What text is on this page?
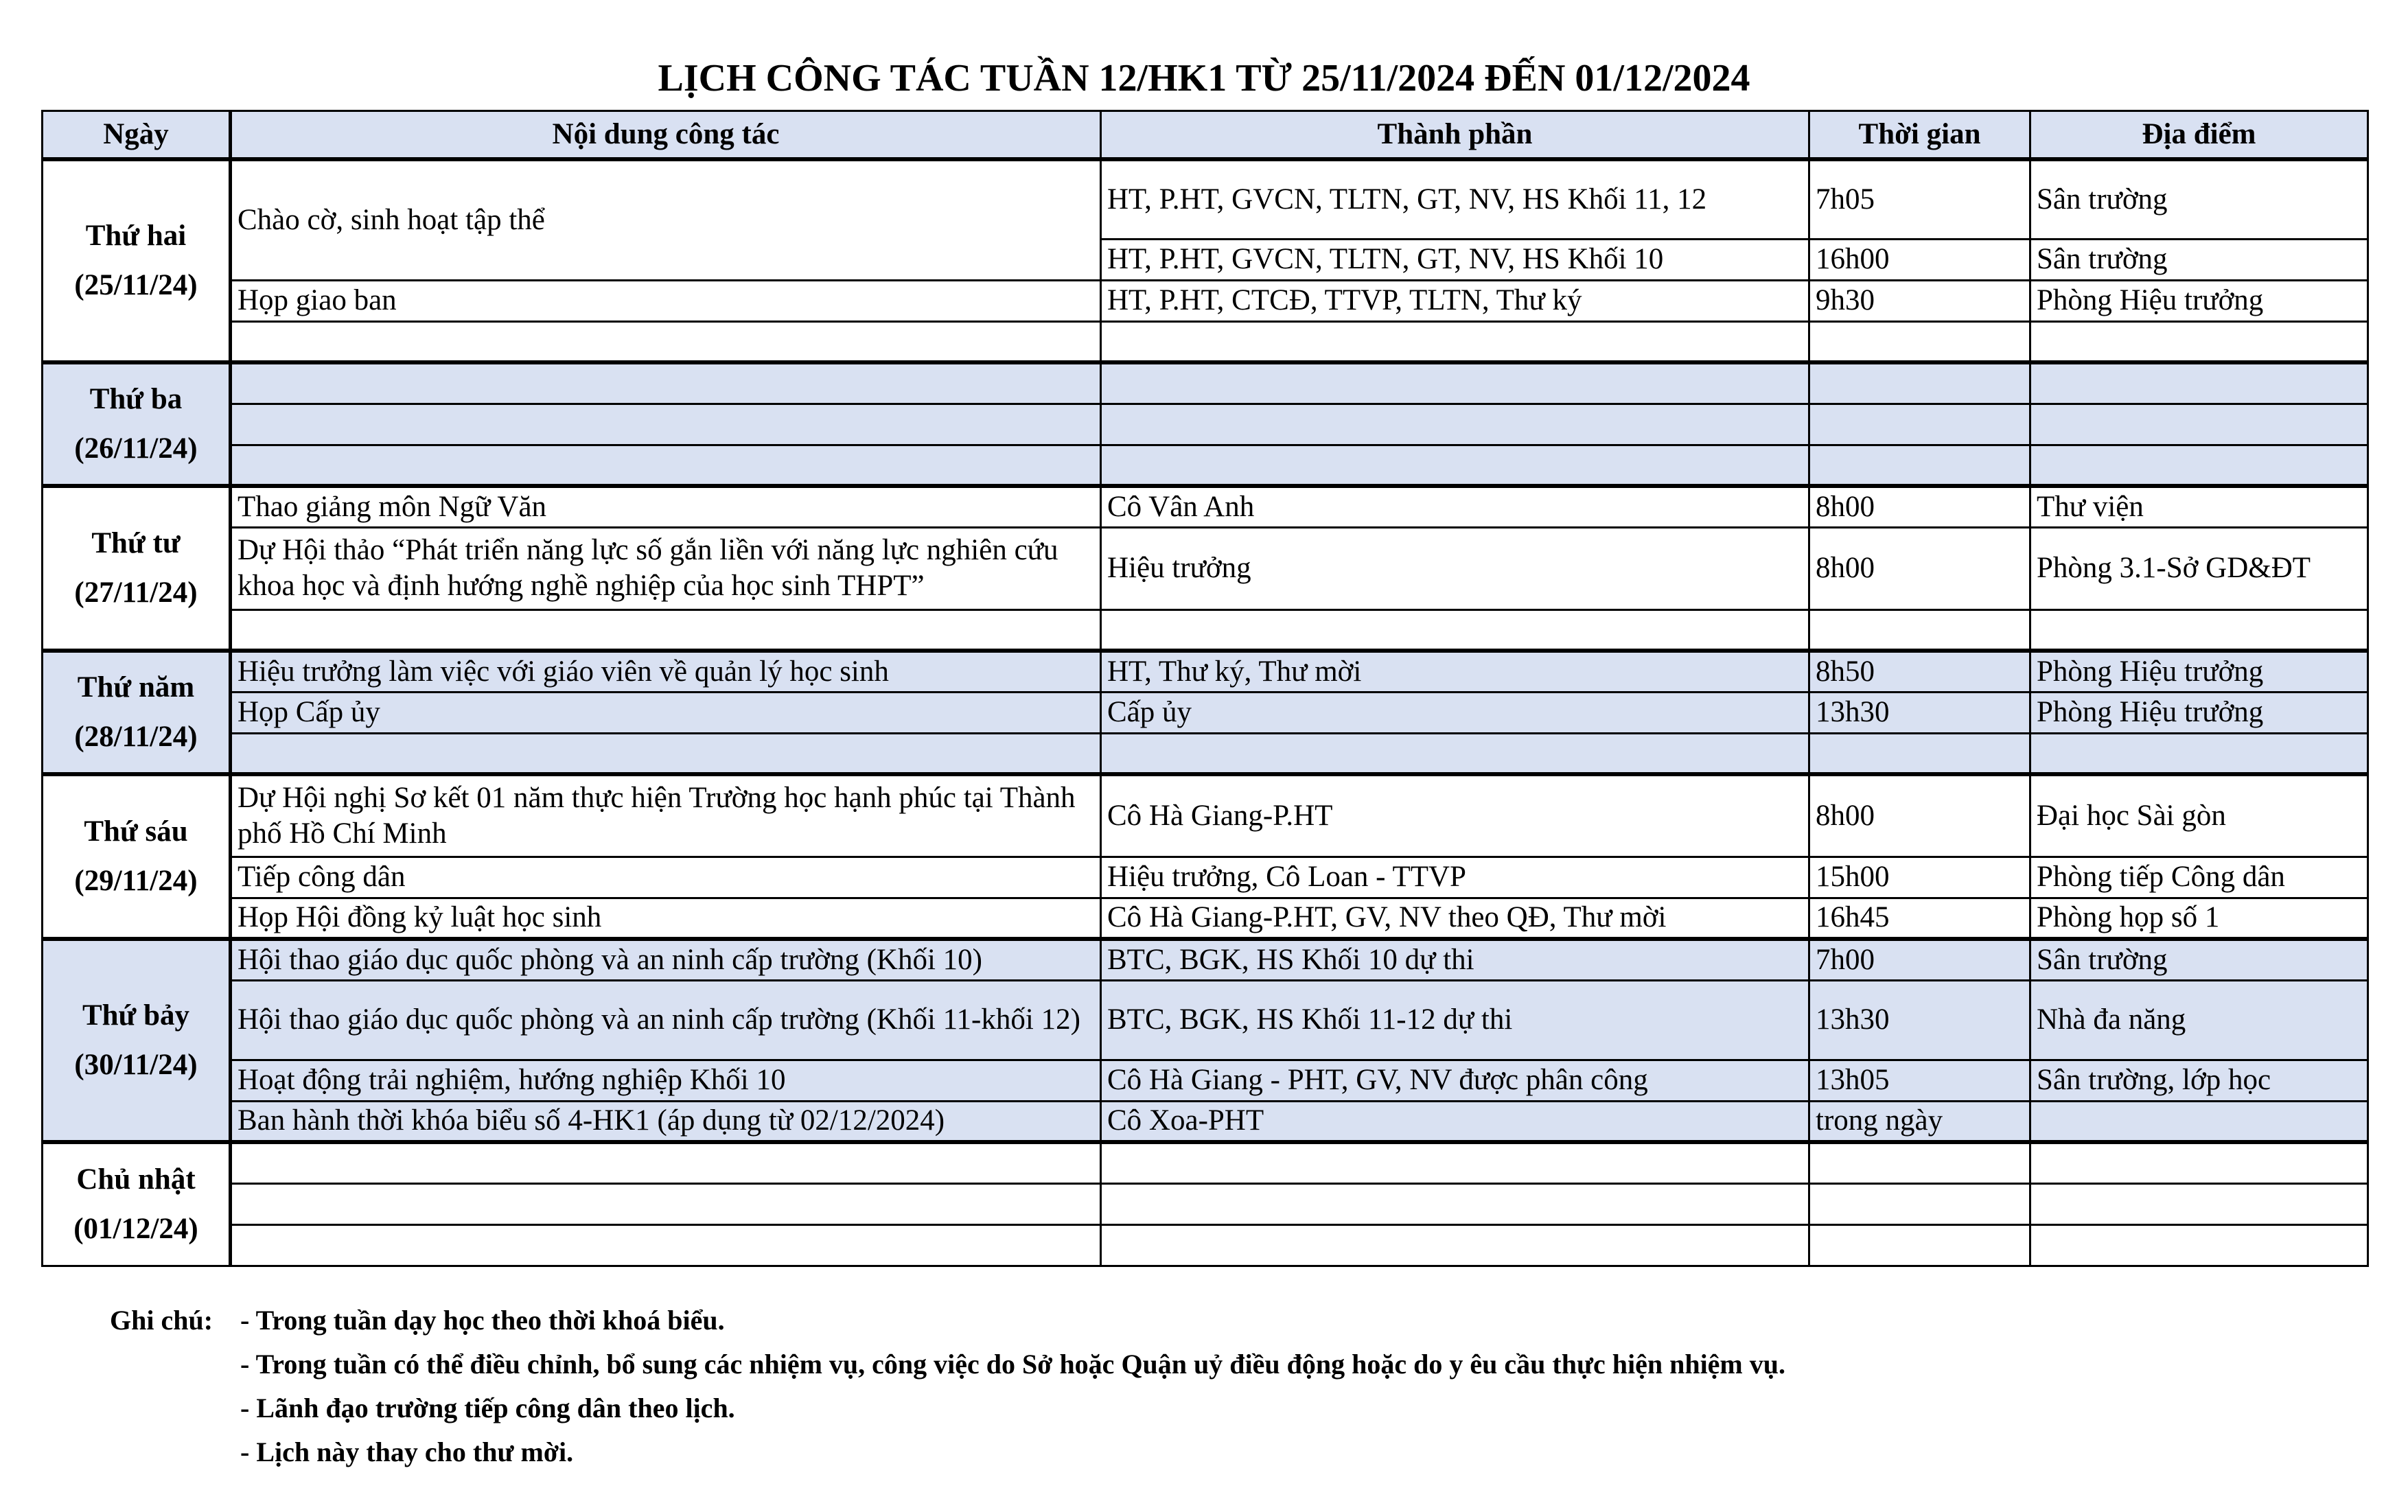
LỊCH CÔNG TÁC TUẦN 12/HK1 TỪ 25/11/2024 ĐẾN 01/12/2024
Ngày	Nội dung công tác	Thành phần	Thời gian	Địa điểm

Thứ hai
(25/11/24)	Chào cờ, sinh hoạt tập thể	HT, P.HT, GVCN, TLTN, GT, NV, HS Khối 11, 12	7h05	Sân trường
		HT, P.HT, GVCN, TLTN, GT, NV, HS Khối 10	16h00	Sân trường
	Họp giao ban	HT, P.HT, CTCĐ, TTVP, TLTN, Thư ký	9h30	Phòng Hiệu trưởng

Thứ ba
(26/11/24)				

Thứ tư
(27/11/24)	Thao giảng môn Ngữ Văn	Cô Vân Anh	8h00	Thư viện
	Dự Hội thảo “Phát triển năng lực số gắn liền với năng lực nghiên cứu khoa học và định hướng nghề nghiệp của học sinh THPT”	Hiệu trưởng	8h00	Phòng 3.1-Sở GD&ĐT

Thứ năm
(28/11/24)	Hiệu trưởng làm việc với giáo viên về quản lý học sinh	HT, Thư ký, Thư mời	8h50	Phòng Hiệu trưởng
	Họp Cấp ủy	Cấp ủy	13h30	Phòng Hiệu trưởng

Thứ sáu
(29/11/24)	Dự Hội nghị Sơ kết 01 năm thực hiện Trường học hạnh phúc tại Thành phố Hồ Chí Minh	Cô Hà Giang-P.HT	8h00	Đại học Sài gòn
	Tiếp công dân	Hiệu trưởng, Cô Loan - TTVP	15h00	Phòng tiếp Công dân
	Họp Hội đồng kỷ luật học sinh	Cô Hà Giang-P.HT, GV, NV theo QĐ, Thư mời	16h45	Phòng họp số 1

Thứ bảy
(30/11/24)	Hội thao giáo dục quốc phòng và an ninh cấp trường (Khối 10)	BTC, BGK, HS Khối 10 dự thi	7h00	Sân trường
	Hội thao giáo dục quốc phòng và an ninh cấp trường (Khối 11-khối 12)	BTC, BGK, HS Khối 11-12 dự thi	13h30	Nhà đa năng
	Hoạt động trải nghiệm, hướng nghiệp Khối 10	Cô Hà Giang - PHT, GV, NV được phân công	13h05	Sân trường, lớp học
	Ban hành thời khóa biểu số 4-HK1 (áp dụng từ 02/12/2024)	Cô Xoa-PHT	trong ngày	

Chủ nhật
(01/12/24)				

Ghi chú: - Trong tuần dạy học theo thời khoá biểu.
- Trong tuần có thể điều chỉnh, bổ sung các nhiệm vụ, công việc do Sở hoặc Quận uỷ điều động hoặc do y êu cầu thực hiện nhiệm vụ.
- Lãnh đạo trường tiếp công dân theo lịch.
- Lịch này thay cho thư mời.
